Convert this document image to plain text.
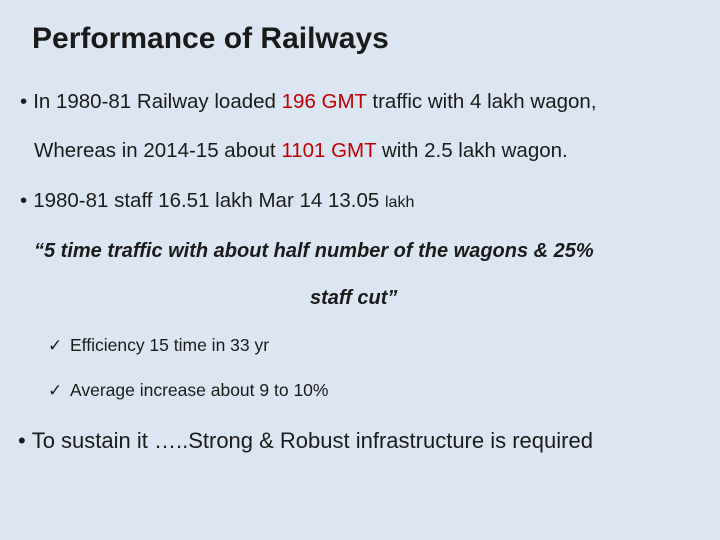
Performance of Railways
• In 1980-81 Railway loaded 196 GMT traffic with 4 lakh wagon,
Whereas in 2014-15 about 1101 GMT with 2.5 lakh wagon.
• 1980-81 staff 16.51 lakh Mar 14 13.05 lakh
“5 time traffic with about half number of the wagons & 25%
staff cut”
✓ Efficiency 15 time in 33 yr
✓ Average increase about 9 to 10%
• To sustain it …..Strong & Robust infrastructure is required
